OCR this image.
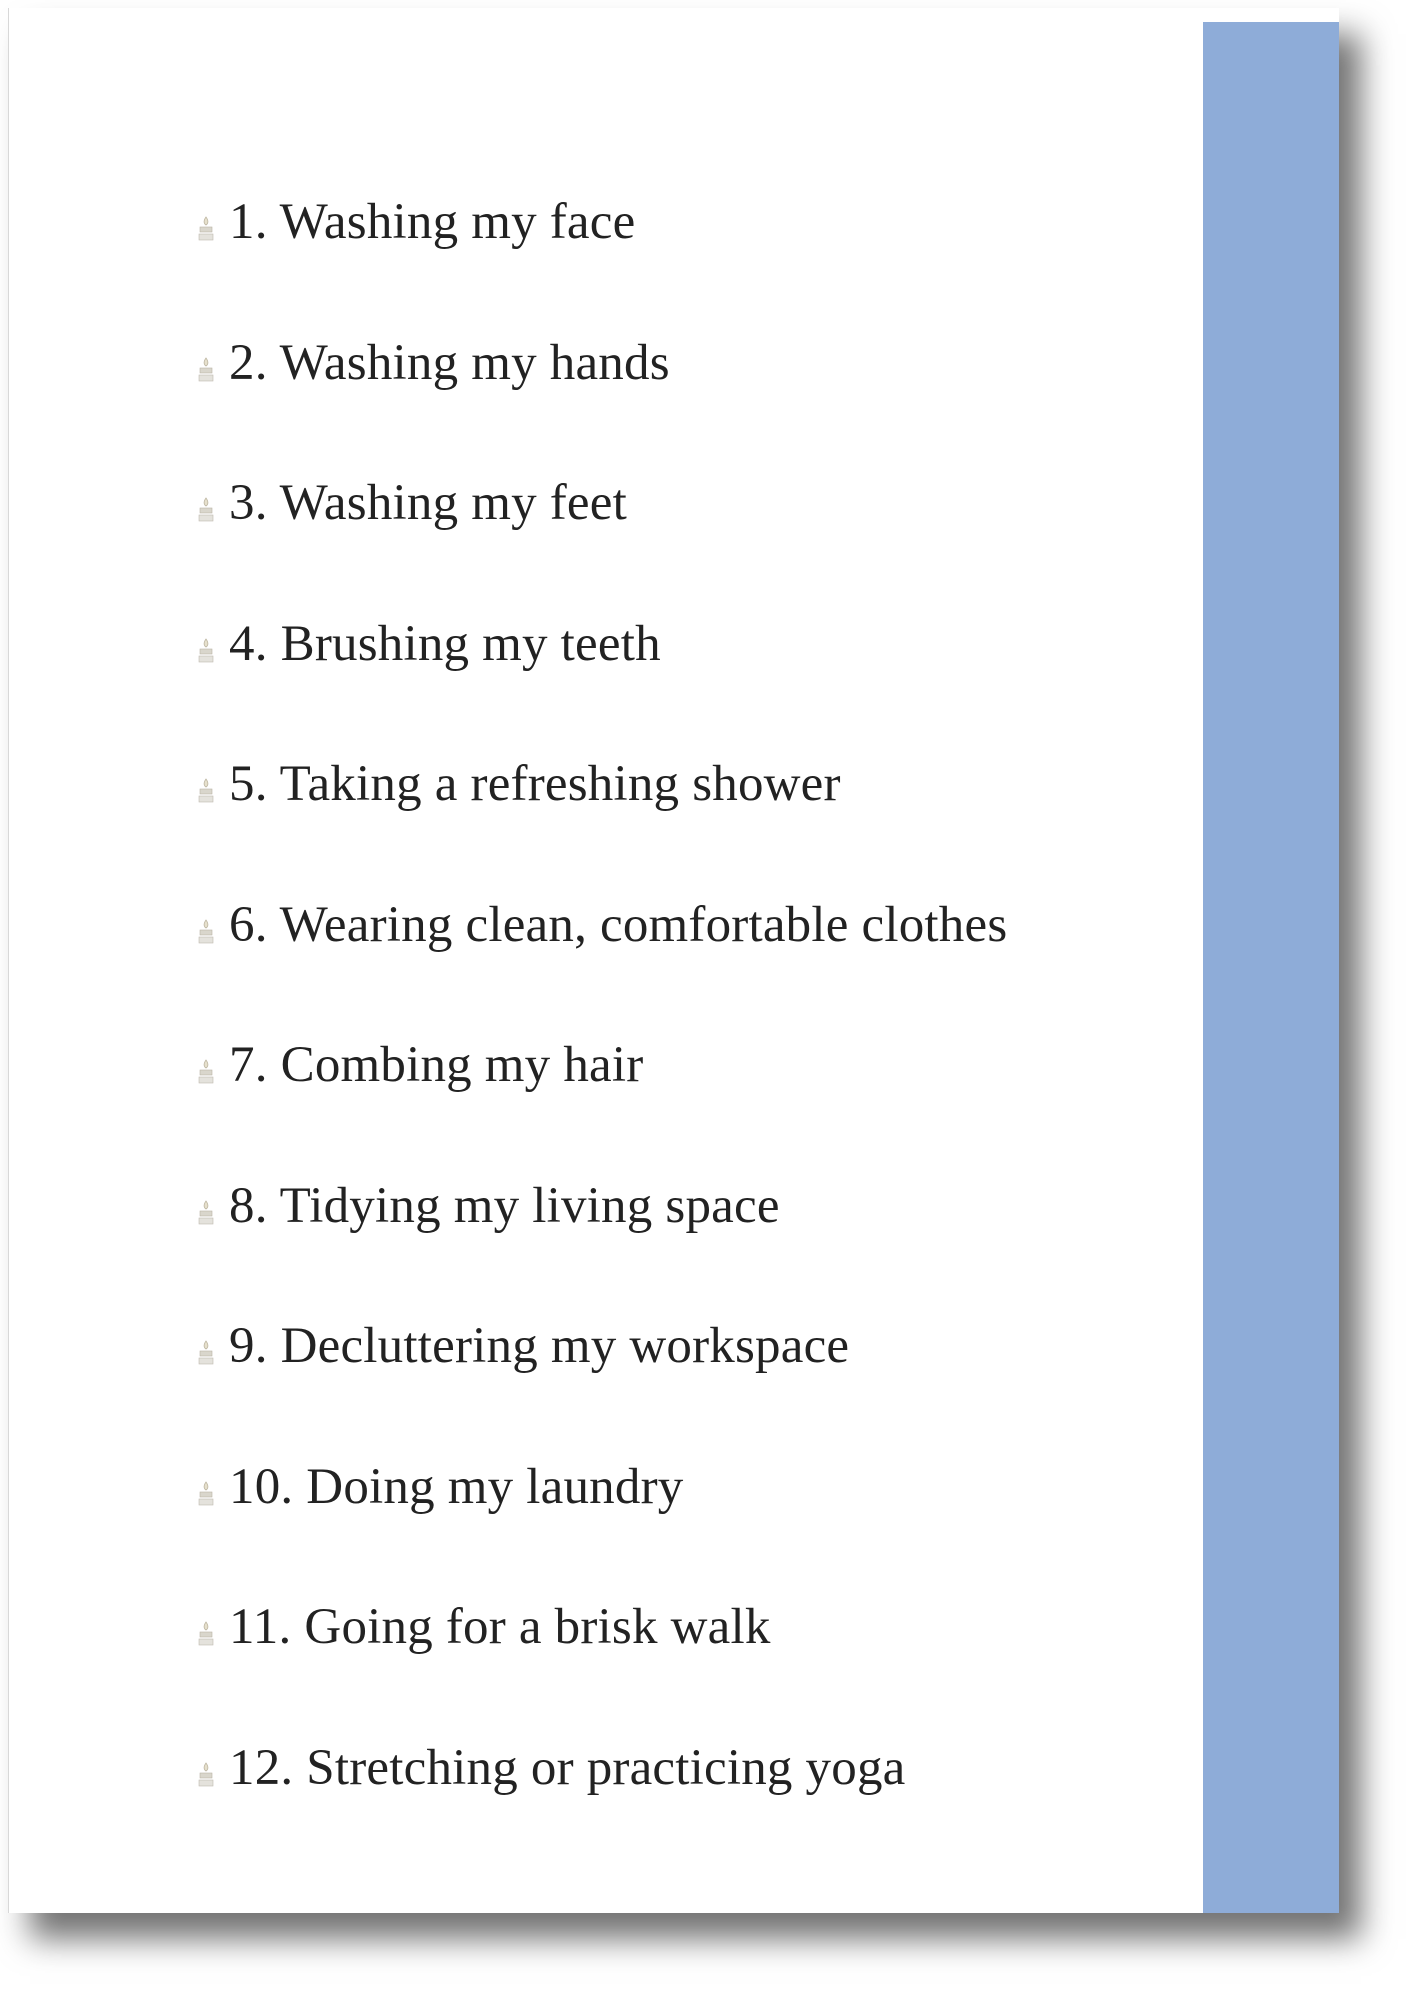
1. Washing my face
2. Washing my hands
3. Washing my feet
4. Brushing my teeth
5. Taking a refreshing shower
6. Wearing clean, comfortable clothes
7. Combing my hair
8. Tidying my living space
9. Decluttering my workspace
10. Doing my laundry
11. Going for a brisk walk
12. Stretching or practicing yoga
